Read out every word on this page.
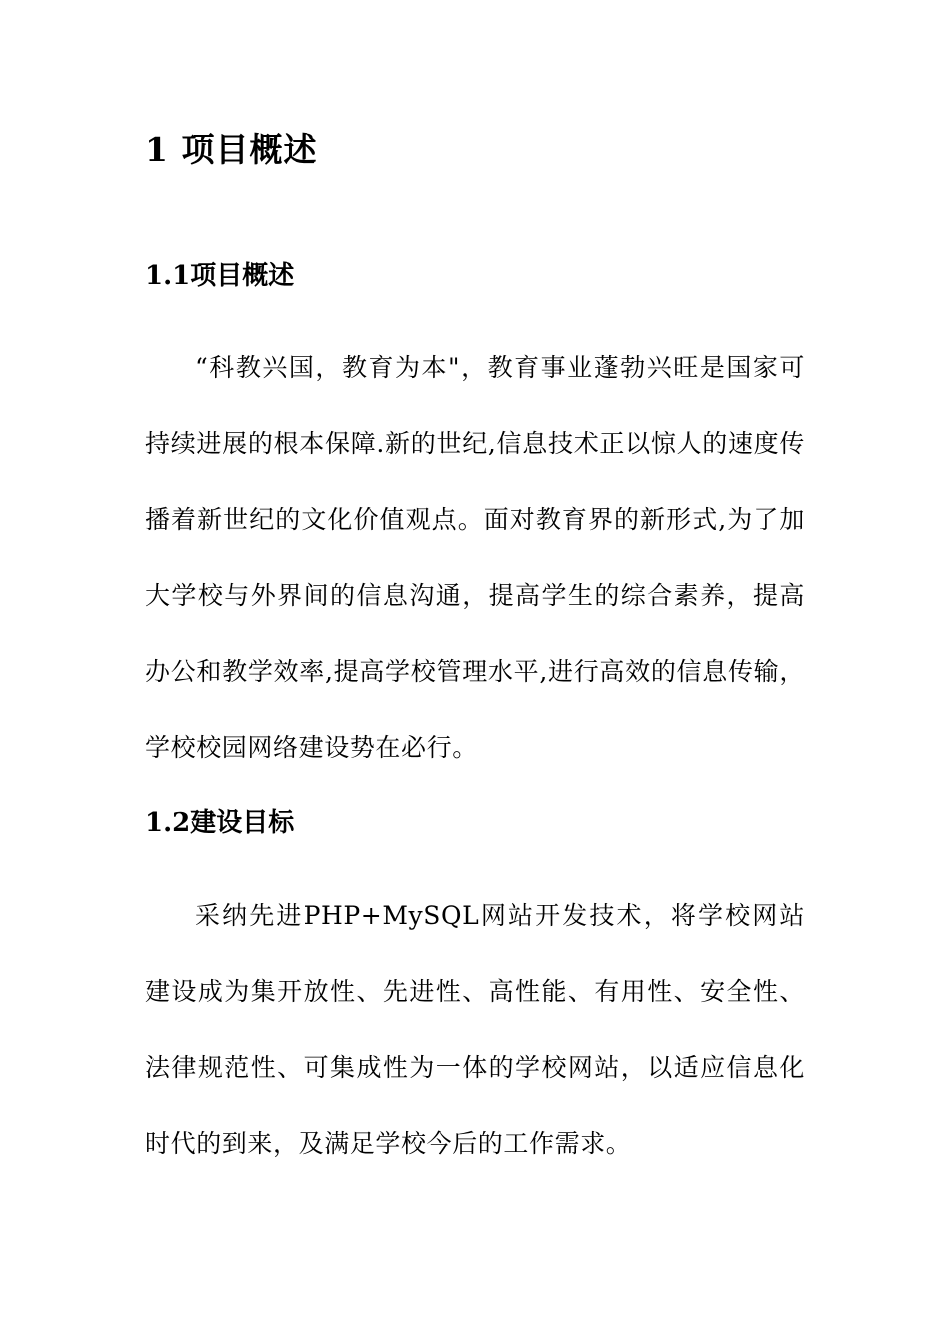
1 项目概述
1.1项目概述
“科教兴国，教育为本"，教育事业蓬勃兴旺是国家可持续进展的根本保障.新的世纪,信息技术正以惊人的速度传播着新世纪的文化价值观点。面对教育界的新形式,为了加大学校与外界间的信息沟通，提高学生的综合素养，提高办公和教学效率,提高学校管理水平,进行高效的信息传输，学校校园网络建设势在必行。
1.2建设目标
采纳先进PHP+MySQL网站开发技术，将学校网站建设成为集开放性、先进性、高性能、有用性、安全性、法律规范性、可集成性为一体的学校网站，以适应信息化时代的到来，及满足学校今后的工作需求。
